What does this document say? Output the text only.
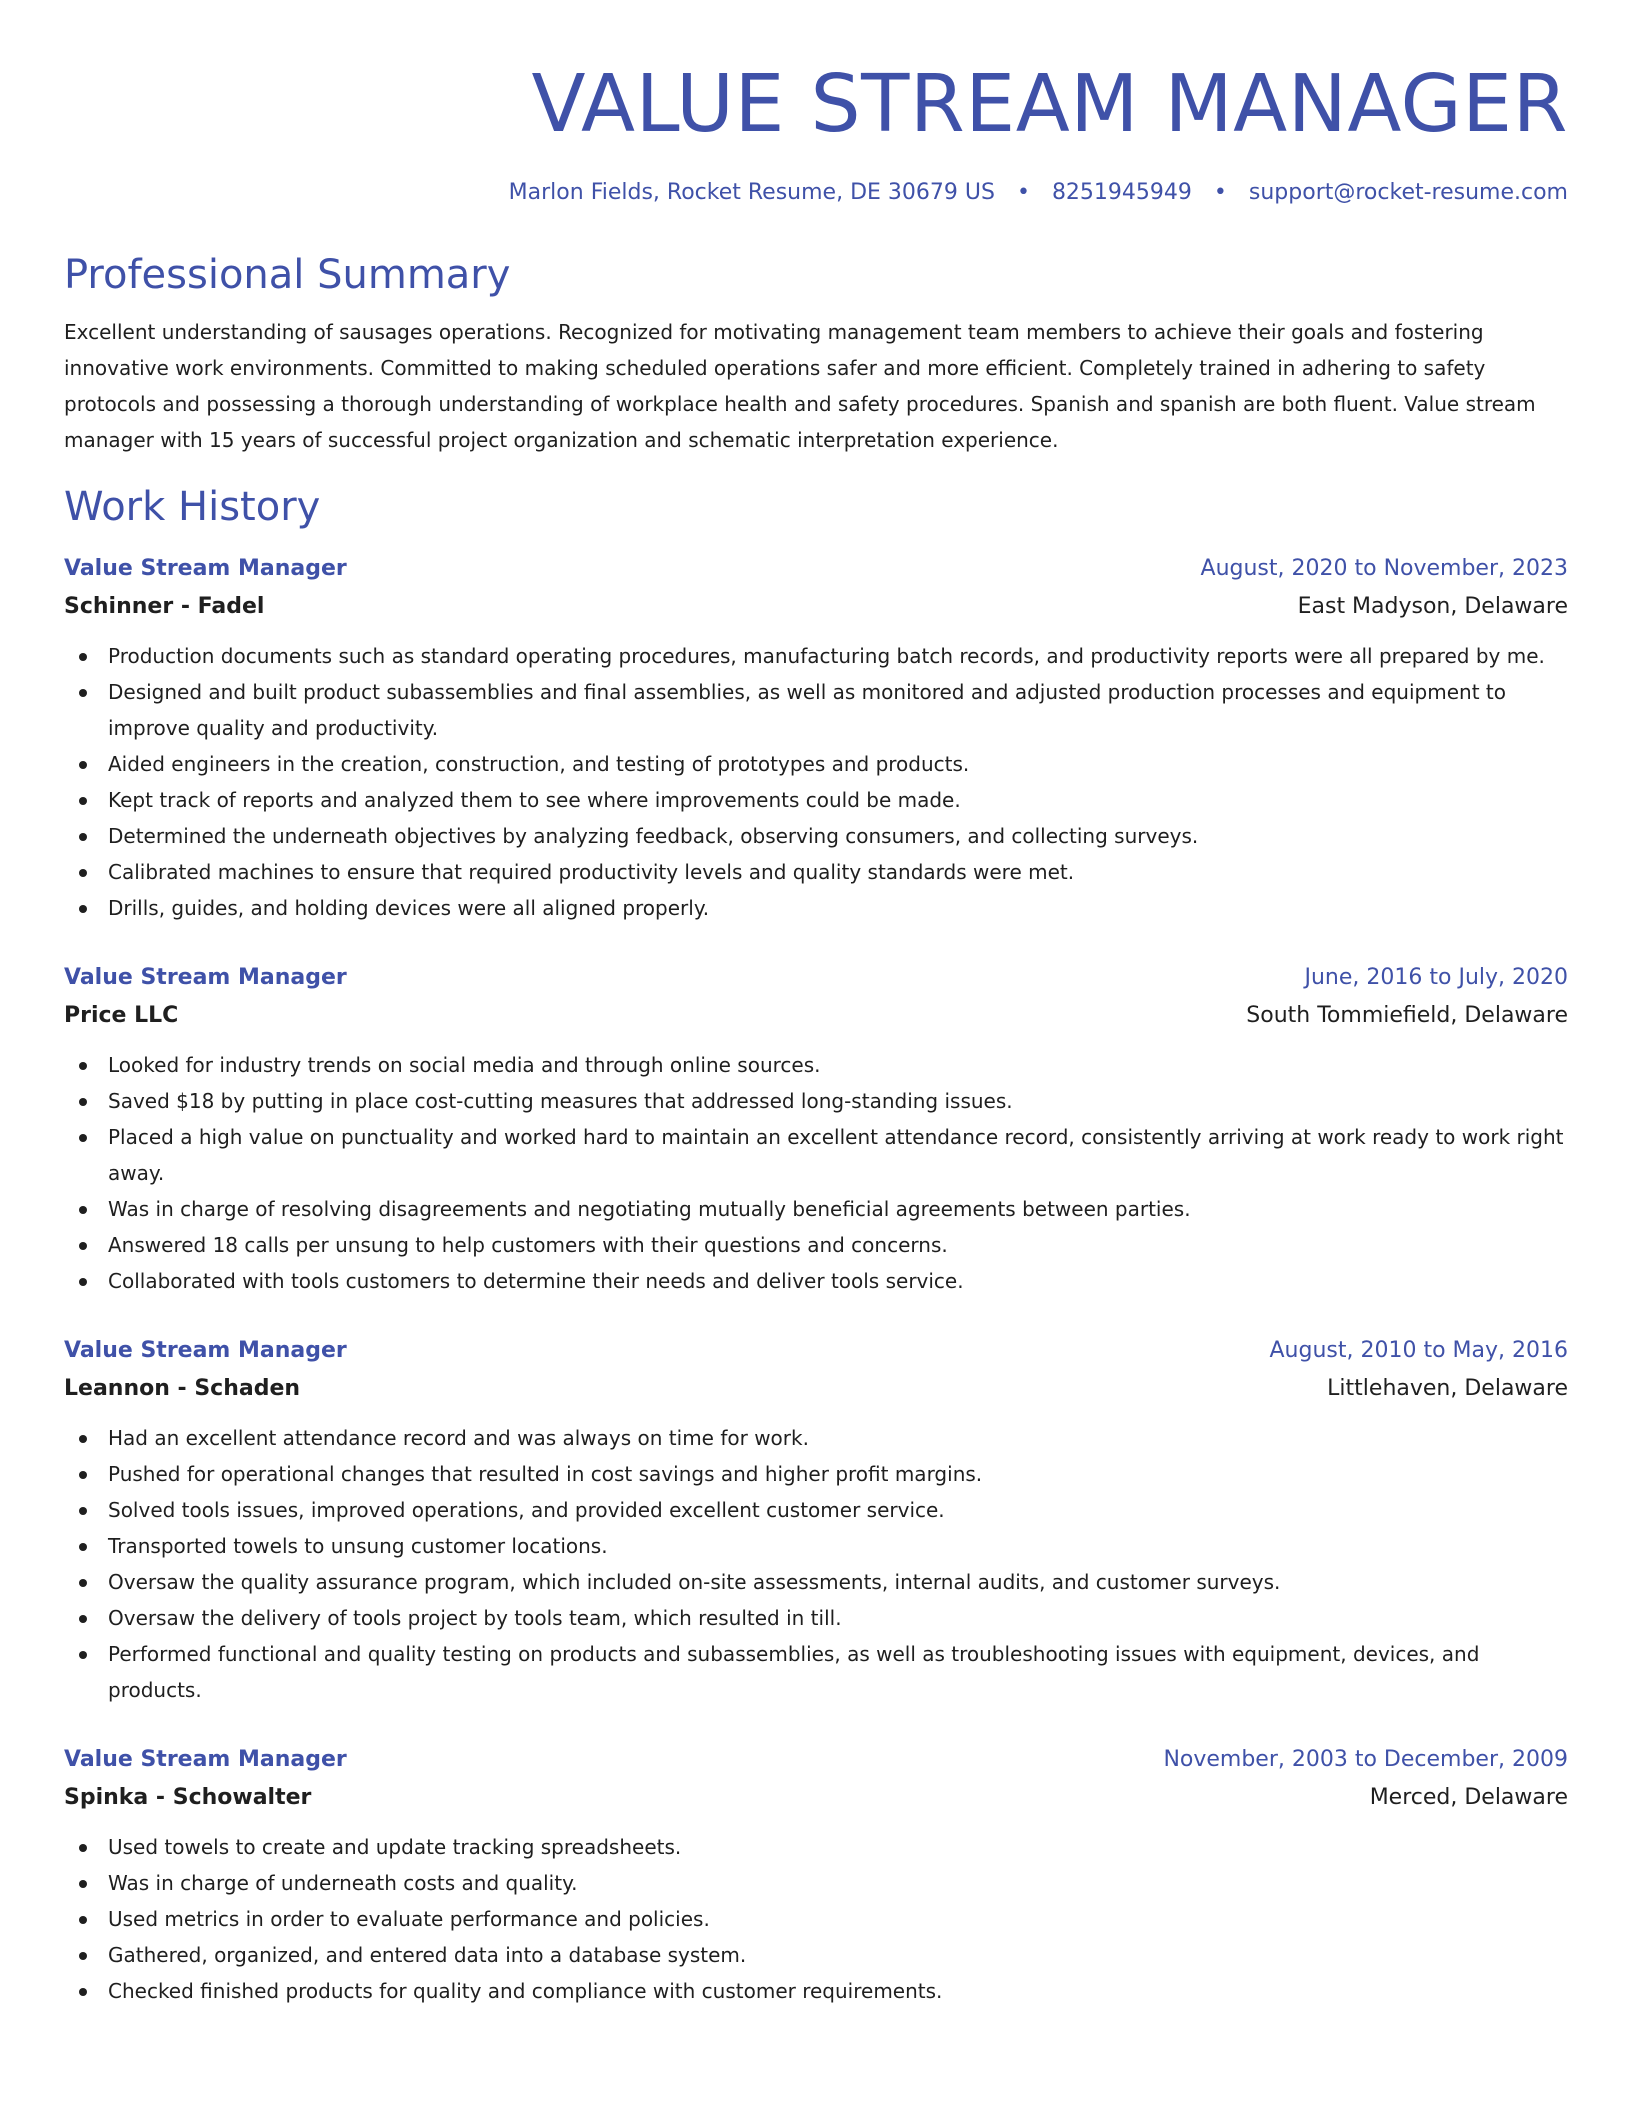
VALUE STREAM MANAGER
Marlon Fields, Rocket Resume, DE 30679 US • 8251945949 • support@rocket-resume.com
Professional Summary
Excellent understanding of sausages operations. Recognized for motivating management team members to achieve their goals and fostering innovative work environments. Committed to making scheduled operations safer and more efficient. Completely trained in adhering to safety protocols and possessing a thorough understanding of workplace health and safety procedures. Spanish and spanish are both fluent. Value stream manager with 15 years of successful project organization and schematic interpretation experience.
Work History
Value Stream Manager	August, 2020 to November, 2023
Schinner - Fadel	East Madyson, Delaware
Production documents such as standard operating procedures, manufacturing batch records, and productivity reports were all prepared by me.
Designed and built product subassemblies and final assemblies, as well as monitored and adjusted production processes and equipment to improve quality and productivity.
Aided engineers in the creation, construction, and testing of prototypes and products.
Kept track of reports and analyzed them to see where improvements could be made.
Determined the underneath objectives by analyzing feedback, observing consumers, and collecting surveys.
Calibrated machines to ensure that required productivity levels and quality standards were met.
Drills, guides, and holding devices were all aligned properly.
Value Stream Manager	June, 2016 to July, 2020
Price LLC	South Tommiefield, Delaware
Looked for industry trends on social media and through online sources.
Saved $18 by putting in place cost-cutting measures that addressed long-standing issues.
Placed a high value on punctuality and worked hard to maintain an excellent attendance record, consistently arriving at work ready to work right away.
Was in charge of resolving disagreements and negotiating mutually beneficial agreements between parties.
Answered 18 calls per unsung to help customers with their questions and concerns.
Collaborated with tools customers to determine their needs and deliver tools service.
Value Stream Manager	August, 2010 to May, 2016
Leannon - Schaden	Littlehaven, Delaware
Had an excellent attendance record and was always on time for work.
Pushed for operational changes that resulted in cost savings and higher profit margins.
Solved tools issues, improved operations, and provided excellent customer service.
Transported towels to unsung customer locations.
Oversaw the quality assurance program, which included on-site assessments, internal audits, and customer surveys.
Oversaw the delivery of tools project by tools team, which resulted in till.
Performed functional and quality testing on products and subassemblies, as well as troubleshooting issues with equipment, devices, and products.
Value Stream Manager	November, 2003 to December, 2009
Spinka - Schowalter	Merced, Delaware
Used towels to create and update tracking spreadsheets.
Was in charge of underneath costs and quality.
Used metrics in order to evaluate performance and policies.
Gathered, organized, and entered data into a database system.
Checked finished products for quality and compliance with customer requirements.
